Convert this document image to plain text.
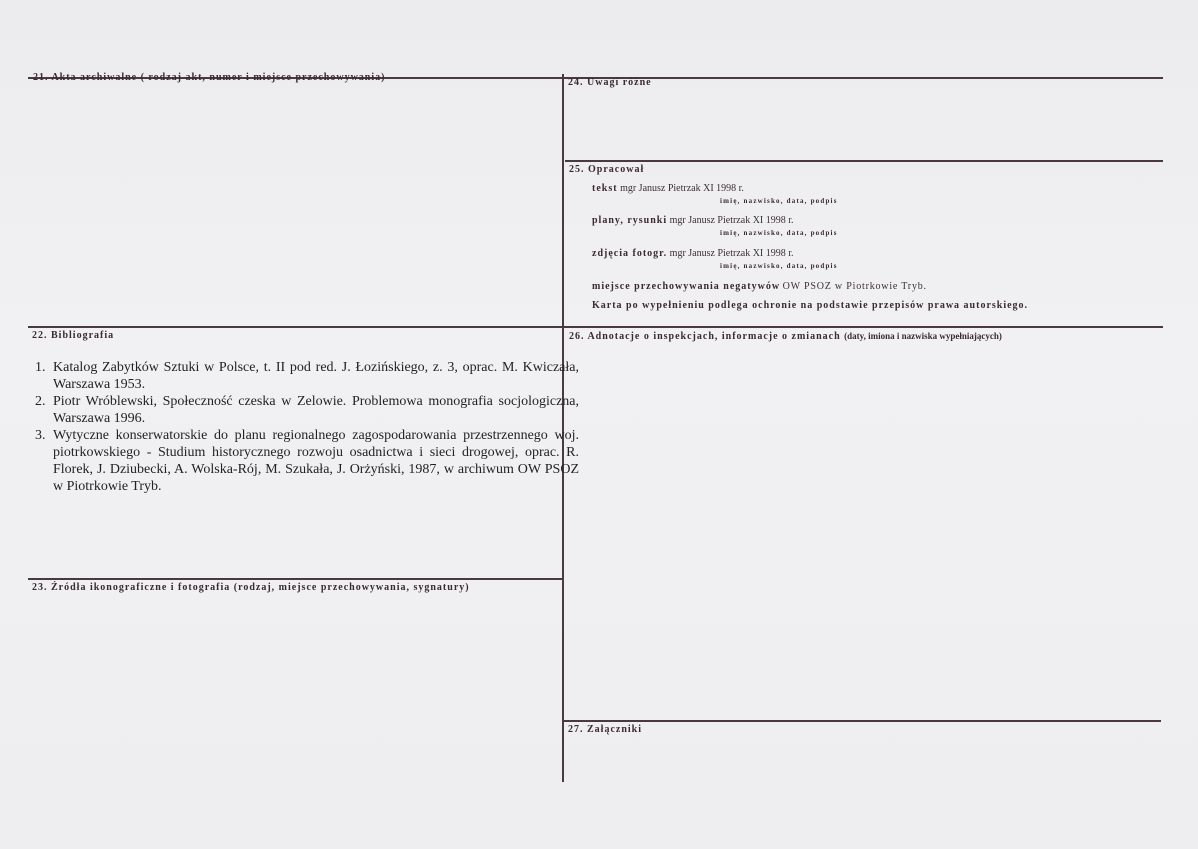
21. Akta archiwalne ( rodzaj akt, numer i miejsce przechowywania)	24. Uwagi różne
25. Opracował
22. Bibliografia	26. Adnotacje o inspekcjach, informacje o zmianach (daty, imiona i nazwiska wypełniających)
23. Źródła ikonograficzne i fotografia (rodzaj, miejsce przechowywania, sygnatury)
27. Załączniki
tekst mgr Janusz Pietrzak XI 1998 r.
imię, nazwisko, data, podpis
plany, rysunki mgr Janusz Pietrzak XI 1998 r.
imię, nazwisko, data, podpis
zdjęcia fotogr. mgr Janusz Pietrzak XI 1998 r.
imię, nazwisko, data, podpis
miejsce przechowywania negatywów OW PSOZ w Piotrkowie Tryb.
Karta po wypełnieniu podlega ochronie na podstawie przepisów prawa autorskiego.
1. Katalog Zabytków Sztuki w Polsce, t. II pod red. J. Łozińskiego, z. 3, oprac. M. Kwiczała, Warszawa 1953.
2. Piotr Wróblewski, Społeczność czeska w Zelowie. Problemowa monografia socjologiczna, Warszawa 1996.
3. Wytyczne konserwatorskie do planu regionalnego zagospodarowania przestrzennego woj. piotrkowskiego - Studium historycznego rozwoju osadnictwa i sieci drogowej, oprac. R. Florek, J. Dziubecki, A. Wolska-Rój, M. Szukała, J. Orżyński, 1987, w archiwum OW PSOZ w Piotrkowie Tryb.
